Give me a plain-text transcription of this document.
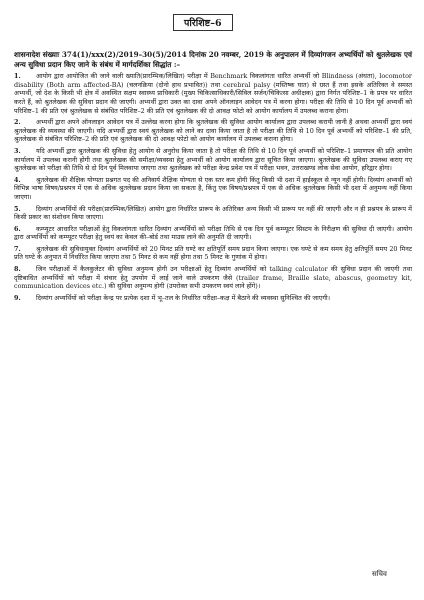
परिशिष्ट–6

शासनादेश संख्याः 374(1)/xxx(2)/2019–30(5)/2014 दिनांक 20 नवम्बर, 2019 के अनुपालन में दिव्यांगजन अभ्यर्थियों को श्रुतलेखक एवं अन्य सुविधा प्रदान किए जाने के संबंध में मार्गदर्शिका सिद्धांत :–

1. आयोग द्वारा आयोजित की जाने वाली ख्याति(प्रारम्भिक/लिखित) परीक्षा में Benchmark विकलांगता धारित अभ्यर्थी जो Blindness (अंधता), locomotor disability (Both arm affected-BA) (चलनक्रिया (दोनो हाथ प्रभावित)) तथा cerebral palsy (मस्तिष्क घात) से ग्रस्त हैं तथा इसके अतिरिक्त वे समस्त अभ्यर्थी, जो देश के किसी भी क्षेत्र में अवस्थित सक्षम स्वास्थ्य प्राधिकारी (मुख्य चिकित्साधिकारी/सिविल सर्जन/चिकित्सा अधीक्षक) द्वारा निर्गत परिशिष्ट–1 के प्रपत्र पर धारित करते हैं, को श्रुतलेखक की सुविधा प्रदान की जाएगी। अभ्यर्थी द्वारा उक्त का दावा अपने ऑनलाइन आवेदन पत्र में करना होगा। परीक्षा की तिथि से 10 दिन पूर्व अभ्यर्थी को परिशिष्ट–1 की प्रति एवं श्रुतलेखक से संबंधित परिशिष्ट–2 की प्रति एवं श्रुतलेखक की दो आवक्ष फोटो को आयोग कार्यालय में उपलब्ध कराना होगा।

2. अभ्यर्थी द्वारा अपने ऑनलाइन आवेदन पत्र में उल्लेख करना होगा कि श्रुतलेखक की सुविधा आयोग कार्यालय द्वारा उपलब्ध करायी जानी है अथवा अभ्यर्थी द्वारा स्वयं श्रुतलेखक की व्यवस्था की जाएगी। यदि अभ्यर्थी द्वारा स्वयं श्रुतलेखक को लाने का दावा किया जाता है तो परीक्षा की तिथि से 10 दिन पूर्व अभ्यर्थी को परिशिष्ट–1 की प्रति, श्रुतलेखक से संबंधित परिशिष्ट–2 की प्रति एवं श्रुतलेखक की दो आवक्ष फोटो को आयोग कार्यालय में उपलब्ध कराना होगा।

3. यदि अभ्यर्थी द्वारा श्रुतलेखक की सुविधा हेतु आयोग से अनुरोध किया जाता है तो परीक्षा की तिथि से 10 दिन पूर्व अभ्यर्थी को परिशिष्ट–1 प्रमाणपत्र की प्रति आयोग कार्यालय में उपलब्ध करानी होगी तथा श्रुतलेखक की समीक्षा/व्यवस्था हेतु अभ्यर्थी को आयोग कार्यालय द्वारा सूचित किया जाएगा। श्रुतलेखक की सुविधा उपलब्ध कराए गए श्रुतलेखक को परीक्षा की तिथि से दो दिन पूर्व मिलवाया जाएगा तथा श्रुतलेखक को परीक्षा केन्द्र प्रवेश पत्र में परीक्षा भवन, उत्तराखण्ड लोक सेवा आयोग, हरिद्वार होगा।

4. श्रुतलेखक की शैक्षिक योग्यता प्रश्नगत पद की अनिवार्य शैक्षिक योग्यता से एक स्तर कम होगी किंतु किसी भी दशा में हाईस्कूल से न्यून नहीं होगी। दिव्यांग अभ्यर्थी को विभिन्न भाषा विषय/प्रश्नपत्र में एक से अधिक श्रुतलेखक प्रदान किया जा सकता है, किंतु एक विषय/प्रश्नपत्र में एक से अधिक श्रुतलेखक किसी भी दशा में अनुमन्य नहीं किया जाएगा।

5. दिव्यांग अभ्यर्थियों की परीक्षा(प्रारम्भिक/लिखित) आयोग द्वारा निर्धारित प्रारूप के अतिरिक्त अन्य किसी भी प्रारूप पर नहीं की जाएगी और न ही प्रश्नपत्र के प्रारूप में किसी प्रकार का संशोधन किया जाएगा।

6. कम्प्यूटर आधारित परीक्षाओं हेतु विकलांगता धारित दिव्यांग अभ्यर्थियों को परीक्षा तिथि से एक दिन पूर्व कम्प्यूटर सिस्टम के निरीक्षण की सुविधा दी जाएगी। आयोग द्वारा अभ्यर्थियों को कम्प्यूटर परीक्षा हेतु स्वयं का केवल की–बोर्ड तथा माउस लाने की अनुमति दी जाएगी।

7. श्रुतलेखक की सुविधायुक्त दिव्यांग अभ्यर्थियों को 20 मिनट प्रति घण्टे का क्षतिपूर्ति समय प्रदान किया जाएगा। एक घण्टे से कम समय हेतु क्षतिपूर्ति समय 20 मिनट प्रति घण्टे के अनुपात में निर्धारित किया जाएगा तथा 5 मिनट से कम नहीं होगा तथा 5 मिनट के गुणांक में होगा।

8. जिन परीक्षाओं में कैलकुलेटर की सुविधा अनुमन्य होगी उन परीक्षाओं हेतु दिव्यांग अभ्यर्थियों को talking calculator की सुविधा प्रदान की जाएगी तथा दृष्टिबाधित अभ्यर्थियों को परीक्षा में संचार हेतु उपयोग में लाई जाने वाले उपकरण जैसे (trailer frame, Braille slate, abascus, geometry kit, communication devices etc.) की सुविधा अनुमन्य होगी (उपरोक्त सभी उपकरण स्वयं लाने होंगे)।

9. दिव्यांग अभ्यर्थियों को परीक्षा केन्द्र पर प्रत्येक दशा में भू–तल के निर्धारित परीक्षा–कक्ष में बैठाने की व्यवस्था सुनिश्चित की जाएगी।

सचिव
